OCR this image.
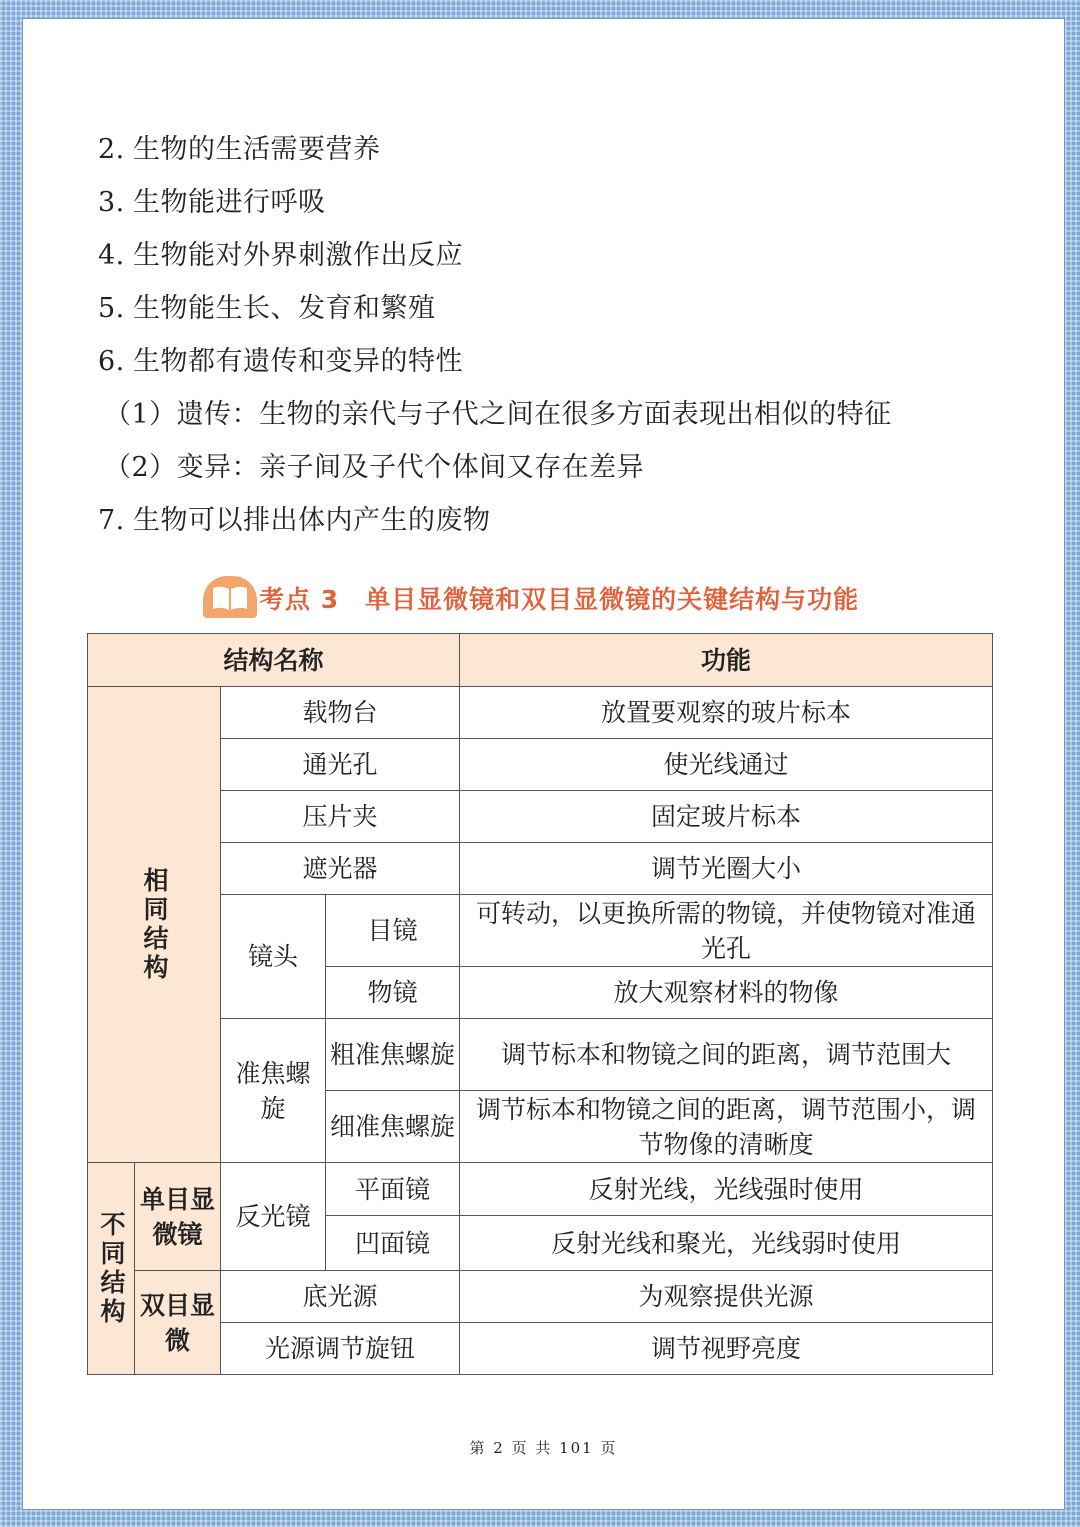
2. 生物的生活需要营养
3. 生物能进行呼吸
4. 生物能对外界刺激作出反应
5. 生物能生长、发育和繁殖
6. 生物都有遗传和变异的特性
（1）遗传：生物的亲代与子代之间在很多方面表现出相似的特征
（2）变异：亲子间及子代个体间又存在差异
7. 生物可以排出体内产生的废物
考点 3　单目显微镜和双目显微镜的关键结构与功能
第 2 页 共 101 页
结构名称				功能

相同结构		载物台		放置要观察的玻片标本
		通光孔		使光线通过
		压片夹		固定玻片标本
		遮光器		调节光圈大小
		镜头	目镜	可转动，以更换所需的物镜，并使物镜对准通光孔
			物镜	放大观察材料的物像
		准焦螺旋	粗准焦螺旋	调节标本和物镜之间的距离，调节范围大
			细准焦螺旋	调节标本和物镜之间的距离，调节范围小，调节物像的清晰度

不同结构	单目显微镜	反光镜	平面镜	反射光线，光线强时使用
			凹面镜	反射光线和聚光，光线弱时使用
	双目显微	底光源		为观察提供光源
		光源调节旋钮		调节视野亮度
